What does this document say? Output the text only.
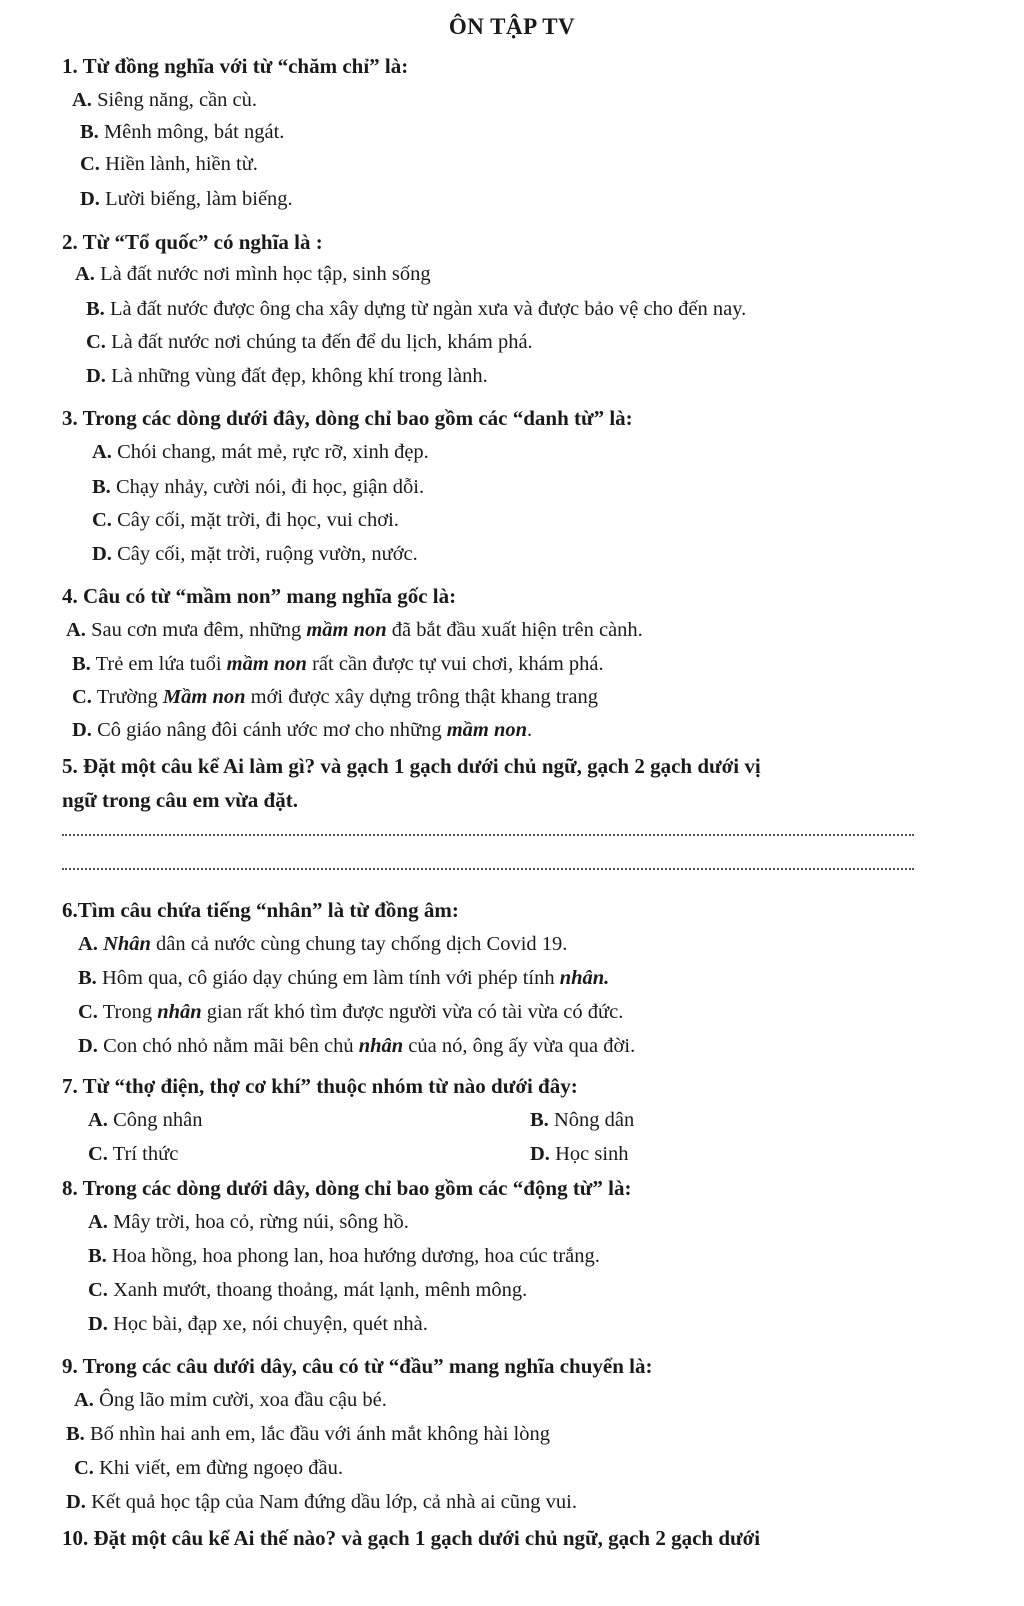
ÔN TẬP TV
1. Từ đồng nghĩa với từ “chăm chỉ” là:
A. Siêng năng, cần cù.
B. Mênh mông, bát ngát.
C. Hiền lành, hiền từ.
D. Lười biếng, làm biếng.
2. Từ “Tổ quốc” có nghĩa là :
A. Là đất nước nơi mình học tập, sinh sống
B. Là đất nước được ông cha xây dựng từ ngàn xưa và được bảo vệ cho đến nay.
C. Là đất nước nơi chúng ta đến để du lịch, khám phá.
D. Là những vùng đất đẹp, không khí trong lành.
3. Trong các dòng dưới đây, dòng chỉ bao gồm các “danh từ” là:
A. Chói chang, mát mẻ, rực rỡ, xinh đẹp.
B. Chạy nhảy, cười nói, đi học, giận dỗi.
C. Cây cối, mặt trời, đi học, vui chơi.
D. Cây cối, mặt trời, ruộng vườn, nước.
4. Câu có từ “mầm non” mang nghĩa gốc là:
A. Sau cơn mưa đêm, những mầm non đã bắt đầu xuất hiện trên cành.
B. Trẻ em lứa tuổi mầm non rất cần được tự vui chơi, khám phá.
C. Trường Mầm non mới được xây dựng trông thật khang trang
D. Cô giáo nâng đôi cánh ước mơ cho những mầm non.
5. Đặt một câu kể Ai làm gì? và gạch 1 gạch dưới chủ ngữ, gạch 2 gạch dưới vị
ngữ trong câu em vừa đặt.
6.Tìm câu chứa tiếng “nhân” là từ đồng âm:
A. Nhân dân cả nước cùng chung tay chống dịch Covid 19.
B. Hôm qua, cô giáo dạy chúng em làm tính với phép tính nhân.
C. Trong nhân gian rất khó tìm được người vừa có tài vừa có đức.
D. Con chó nhỏ nằm mãi bên chủ nhân của nó, ông ấy vừa qua đời.
7. Từ “thợ điện, thợ cơ khí” thuộc nhóm từ nào dưới đây:
A. Công nhân	B. Nông dân
C. Trí thức	D. Học sinh
8. Trong các dòng dưới dây, dòng chỉ bao gồm các “động từ” là:
A. Mây trời, hoa cỏ, rừng núi, sông hồ.
B. Hoa hồng, hoa phong lan, hoa hướng dương, hoa cúc trắng.
C. Xanh mướt, thoang thoảng, mát lạnh, mênh mông.
D. Học bài, đạp xe, nói chuyện, quét nhà.
9. Trong các câu dưới dây, câu có từ “đầu” mang nghĩa chuyển là:
A. Ông lão mỉm cười, xoa đầu cậu bé.
B. Bố nhìn hai anh em, lắc đầu với ánh mắt không hài lòng
C. Khi viết, em đừng ngoẹo đầu.
D. Kết quả học tập của Nam đứng dầu lớp, cả nhà ai cũng vui.
10. Đặt một câu kể Ai thế nào? và gạch 1 gạch dưới chủ ngữ, gạch 2 gạch dưới
